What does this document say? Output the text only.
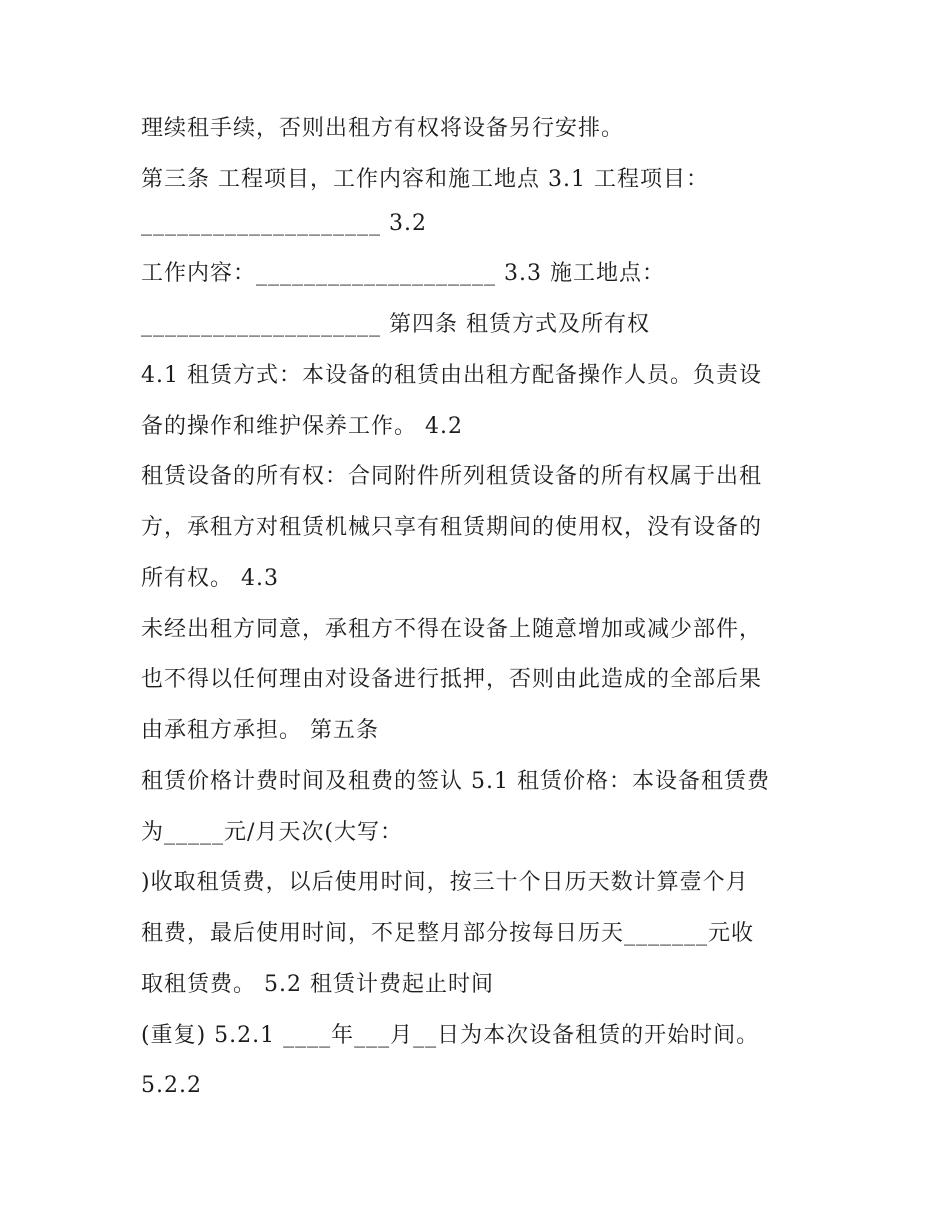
理续租手续，否则出租方有权将设备另行安排。
第三条 工程项目，工作内容和施工地点 3.1 工程项目：
____________________ 3.2
工作内容：____________________ 3.3 施工地点：
____________________ 第四条 租赁方式及所有权
4.1 租赁方式：本设备的租赁由出租方配备操作人员。负责设
备的操作和维护保养工作。 4.2
租赁设备的所有权：合同附件所列租赁设备的所有权属于出租
方，承租方对租赁机械只享有租赁期间的使用权，没有设备的
所有权。 4.3
未经出租方同意，承租方不得在设备上随意增加或减少部件，
也不得以任何理由对设备进行抵押，否则由此造成的全部后果
由承租方承担。 第五条
租赁价格计费时间及租费的签认 5.1 租赁价格：本设备租赁费
为_____元/月天次(大写：
)收取租赁费，以后使用时间，按三十个日历天数计算壹个月
租费，最后使用时间，不足整月部分按每日历天_______元收
取租赁费。 5.2 租赁计费起止时间
(重复) 5.2.1 ____年___月__日为本次设备租赁的开始时间。
5.2.2
